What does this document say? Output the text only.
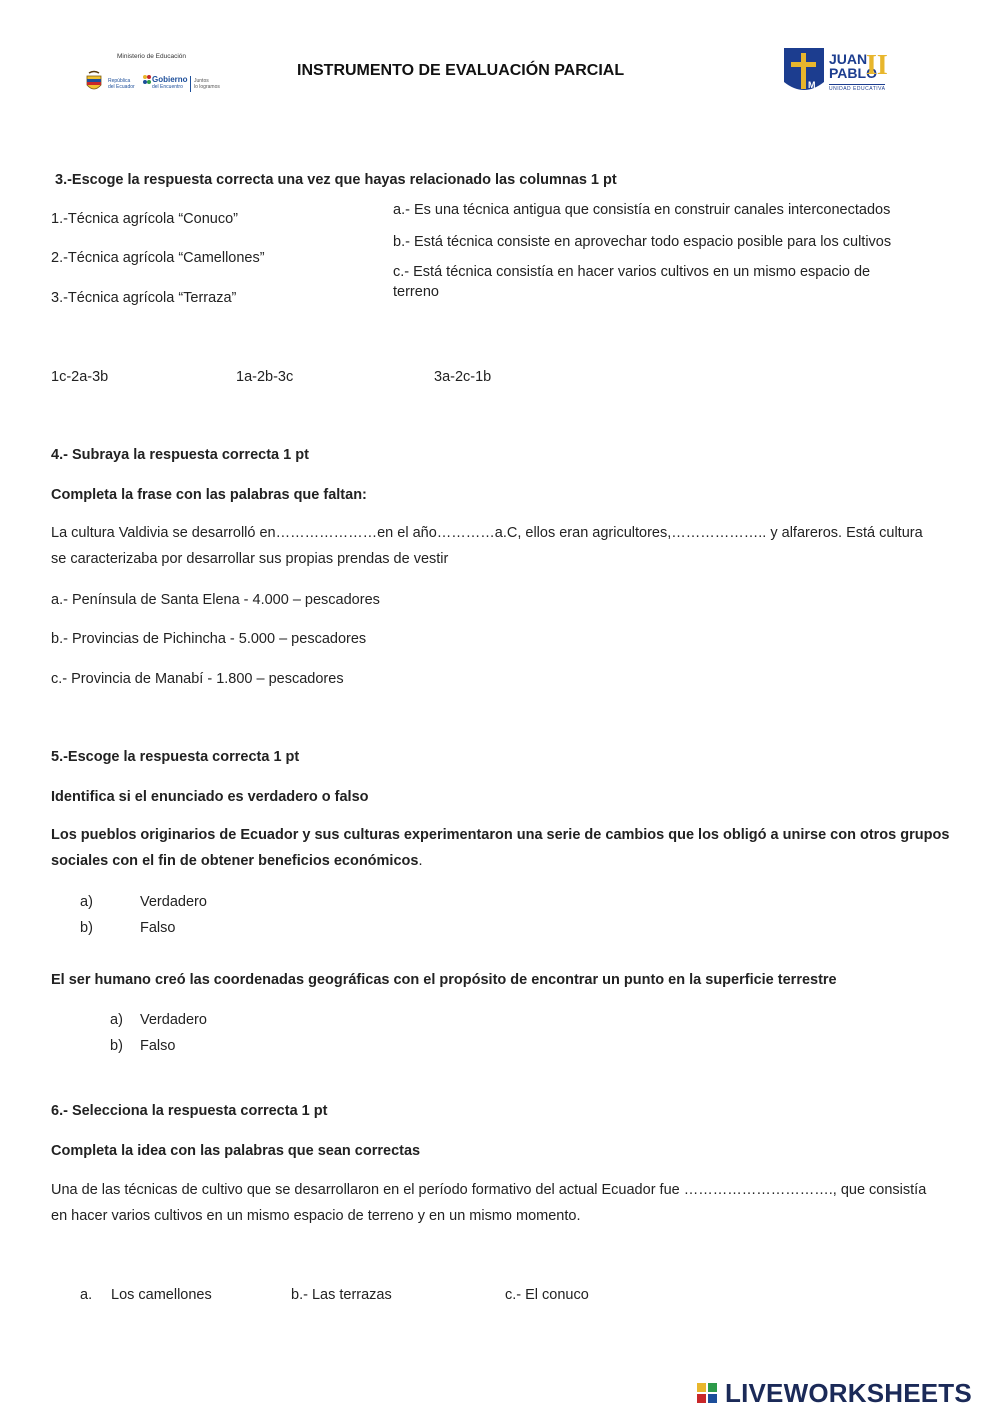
Ministerio de Educación
República
del Ecuador
Gobierno
del Encuentro
Juntos
lo logramos
INSTRUMENTO DE EVALUACIÓN PARCIAL
M
JUAN
PABLO
II
UNIDAD EDUCATIVA
3.-Escoge la respuesta correcta una vez que hayas relacionado las columnas 1 pt
1.-Técnica agrícola “Conuco”
2.-Técnica agrícola “Camellones”
3.-Técnica agrícola “Terraza”
a.- Es una técnica antigua que consistía en construir canales interconectados
b.- Está técnica consiste en aprovechar todo espacio posible para los cultivos
c.- Está técnica consistía en hacer varios cultivos en un mismo espacio de terreno
1c-2a-3b	1a-2b-3c	3a-2c-1b
4.- Subraya la respuesta correcta 1 pt
Completa la frase con las palabras que faltan:
La cultura Valdivia se desarrolló en…………………en el año…………a.C, ellos eran agricultores,……………….. y alfareros. Está cultura se caracterizaba por desarrollar sus propias prendas de vestir
a.- Península de Santa Elena - 4.000 – pescadores
b.- Provincias de Pichincha - 5.000 – pescadores
c.- Provincia de Manabí - 1.800 – pescadores
5.-Escoge la respuesta correcta 1 pt
Identifica si el enunciado es verdadero o falso
Los pueblos originarios de Ecuador y sus culturas experimentaron una serie de cambios que los obligó a unirse con otros grupos sociales con el fin de obtener beneficios económicos.
a)	Verdadero
b)	Falso
El ser humano creó las coordenadas geográficas con el propósito de encontrar un punto en la superficie terrestre
a) Verdadero
b) Falso
6.- Selecciona la respuesta correcta 1 pt
Completa la idea con las palabras que sean correctas
Una de las técnicas de cultivo que se desarrollaron en el período formativo del actual Ecuador fue …………………………., que consistía en hacer varios cultivos en un mismo espacio de terreno y en un mismo momento.
a. Los camellones	b.- Las terrazas	c.- El conuco
LIVEWORKSHEETS
